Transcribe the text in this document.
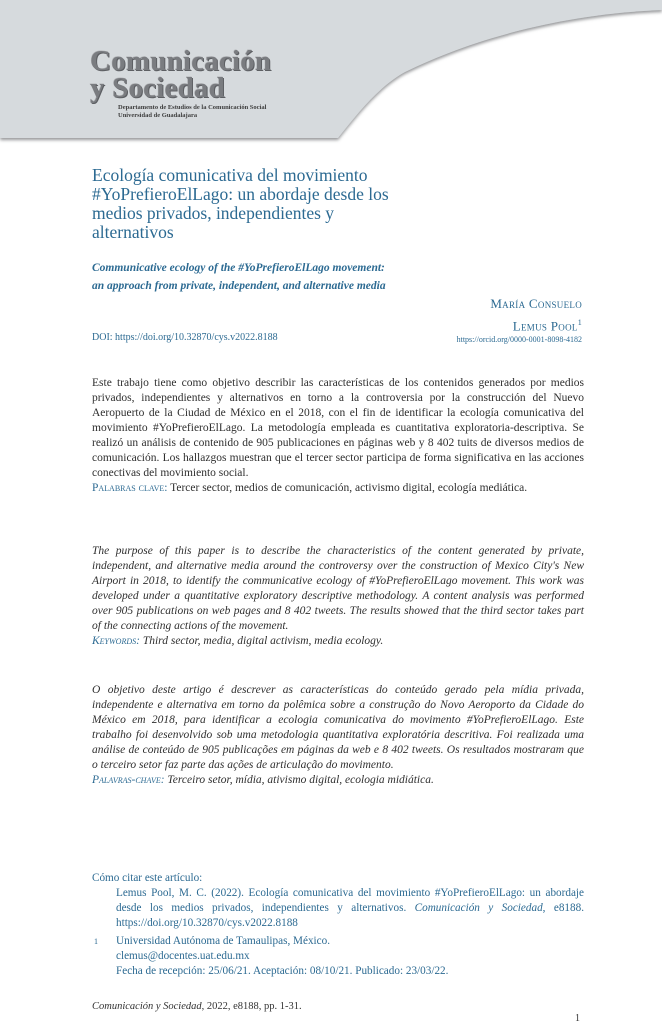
Comunicación
y Sociedad
Departamento de Estudios de la Comunicación Social
Universidad de Guadalajara
Ecología comunicativa del movimiento #YoPrefieroElLago: un abordaje desde los medios privados, independientes y alternativos
Communicative ecology of the #YoPrefieroElLago movement: an approach from private, independent, and alternative media
DOI: https://doi.org/10.32870/cys.v2022.8188
María Consuelo
Lemus Pool$^1$
https://orcid.org/0000-0001-8098-4182
Este trabajo tiene como objetivo describir las características de los contenidos generados por medios privados, independientes y alternativos en torno a la controversia por la construcción del Nuevo Aeropuerto de la Ciudad de México en el 2018, con el fin de identificar la ecología comunicativa del movimiento #YoPrefieroElLago. La metodología empleada es cuantitativa exploratoria-descriptiva. Se realizó un análisis de contenido de 905 publicaciones en páginas web y 8 402 tuits de diversos medios de comunicación. Los hallazgos muestran que el tercer sector participa de forma significativa en las acciones conectivas del movimiento social.
Palabras clave: Tercer sector, medios de comunicación, activismo digital, ecología mediática.
The purpose of this paper is to describe the characteristics of the content generated by private, independent, and alternative media around the controversy over the construction of Mexico City's New Airport in 2018, to identify the communicative ecology of #YoPrefieroElLago movement. This work was developed under a quantitative exploratory descriptive methodology. A content analysis was performed over 905 publications on web pages and 8 402 tweets. The results showed that the third sector takes part of the connecting actions of the movement.
Keywords: Third sector, media, digital activism, media ecology.
O objetivo deste artigo é descrever as características do conteúdo gerado pela mídia privada, independente e alternativa em torno da polêmica sobre a construção do Novo Aeroporto da Cidade do México em 2018, para identificar a ecologia comunicativa do movimento #YoPrefieroElLago. Este trabalho foi desenvolvido sob uma metodologia quantitativa exploratória descritiva. Foi realizada uma análise de conteúdo de 905 publicações em páginas da web e 8 402 tweets. Os resultados mostraram que o terceiro setor faz parte das ações de articulação do movimento.
Palavras-chave: Terceiro setor, mídia, ativismo digital, ecologia midiática.
Cómo citar este artículo:
Lemus Pool, M. C. (2022). Ecología comunicativa del movimiento #YoPrefieroElLago: un abordaje desde los medios privados, independientes y alternativos. Comunicación y Sociedad, e8188. https://doi.org/10.32870/cys.v2022.8188
1 Universidad Autónoma de Tamaulipas, México.
clemus@docentes.uat.edu.mx
Fecha de recepción: 25/06/21. Aceptación: 08/10/21. Publicado: 23/03/22.
Comunicación y Sociedad, 2022, e8188, pp. 1-31.
1
